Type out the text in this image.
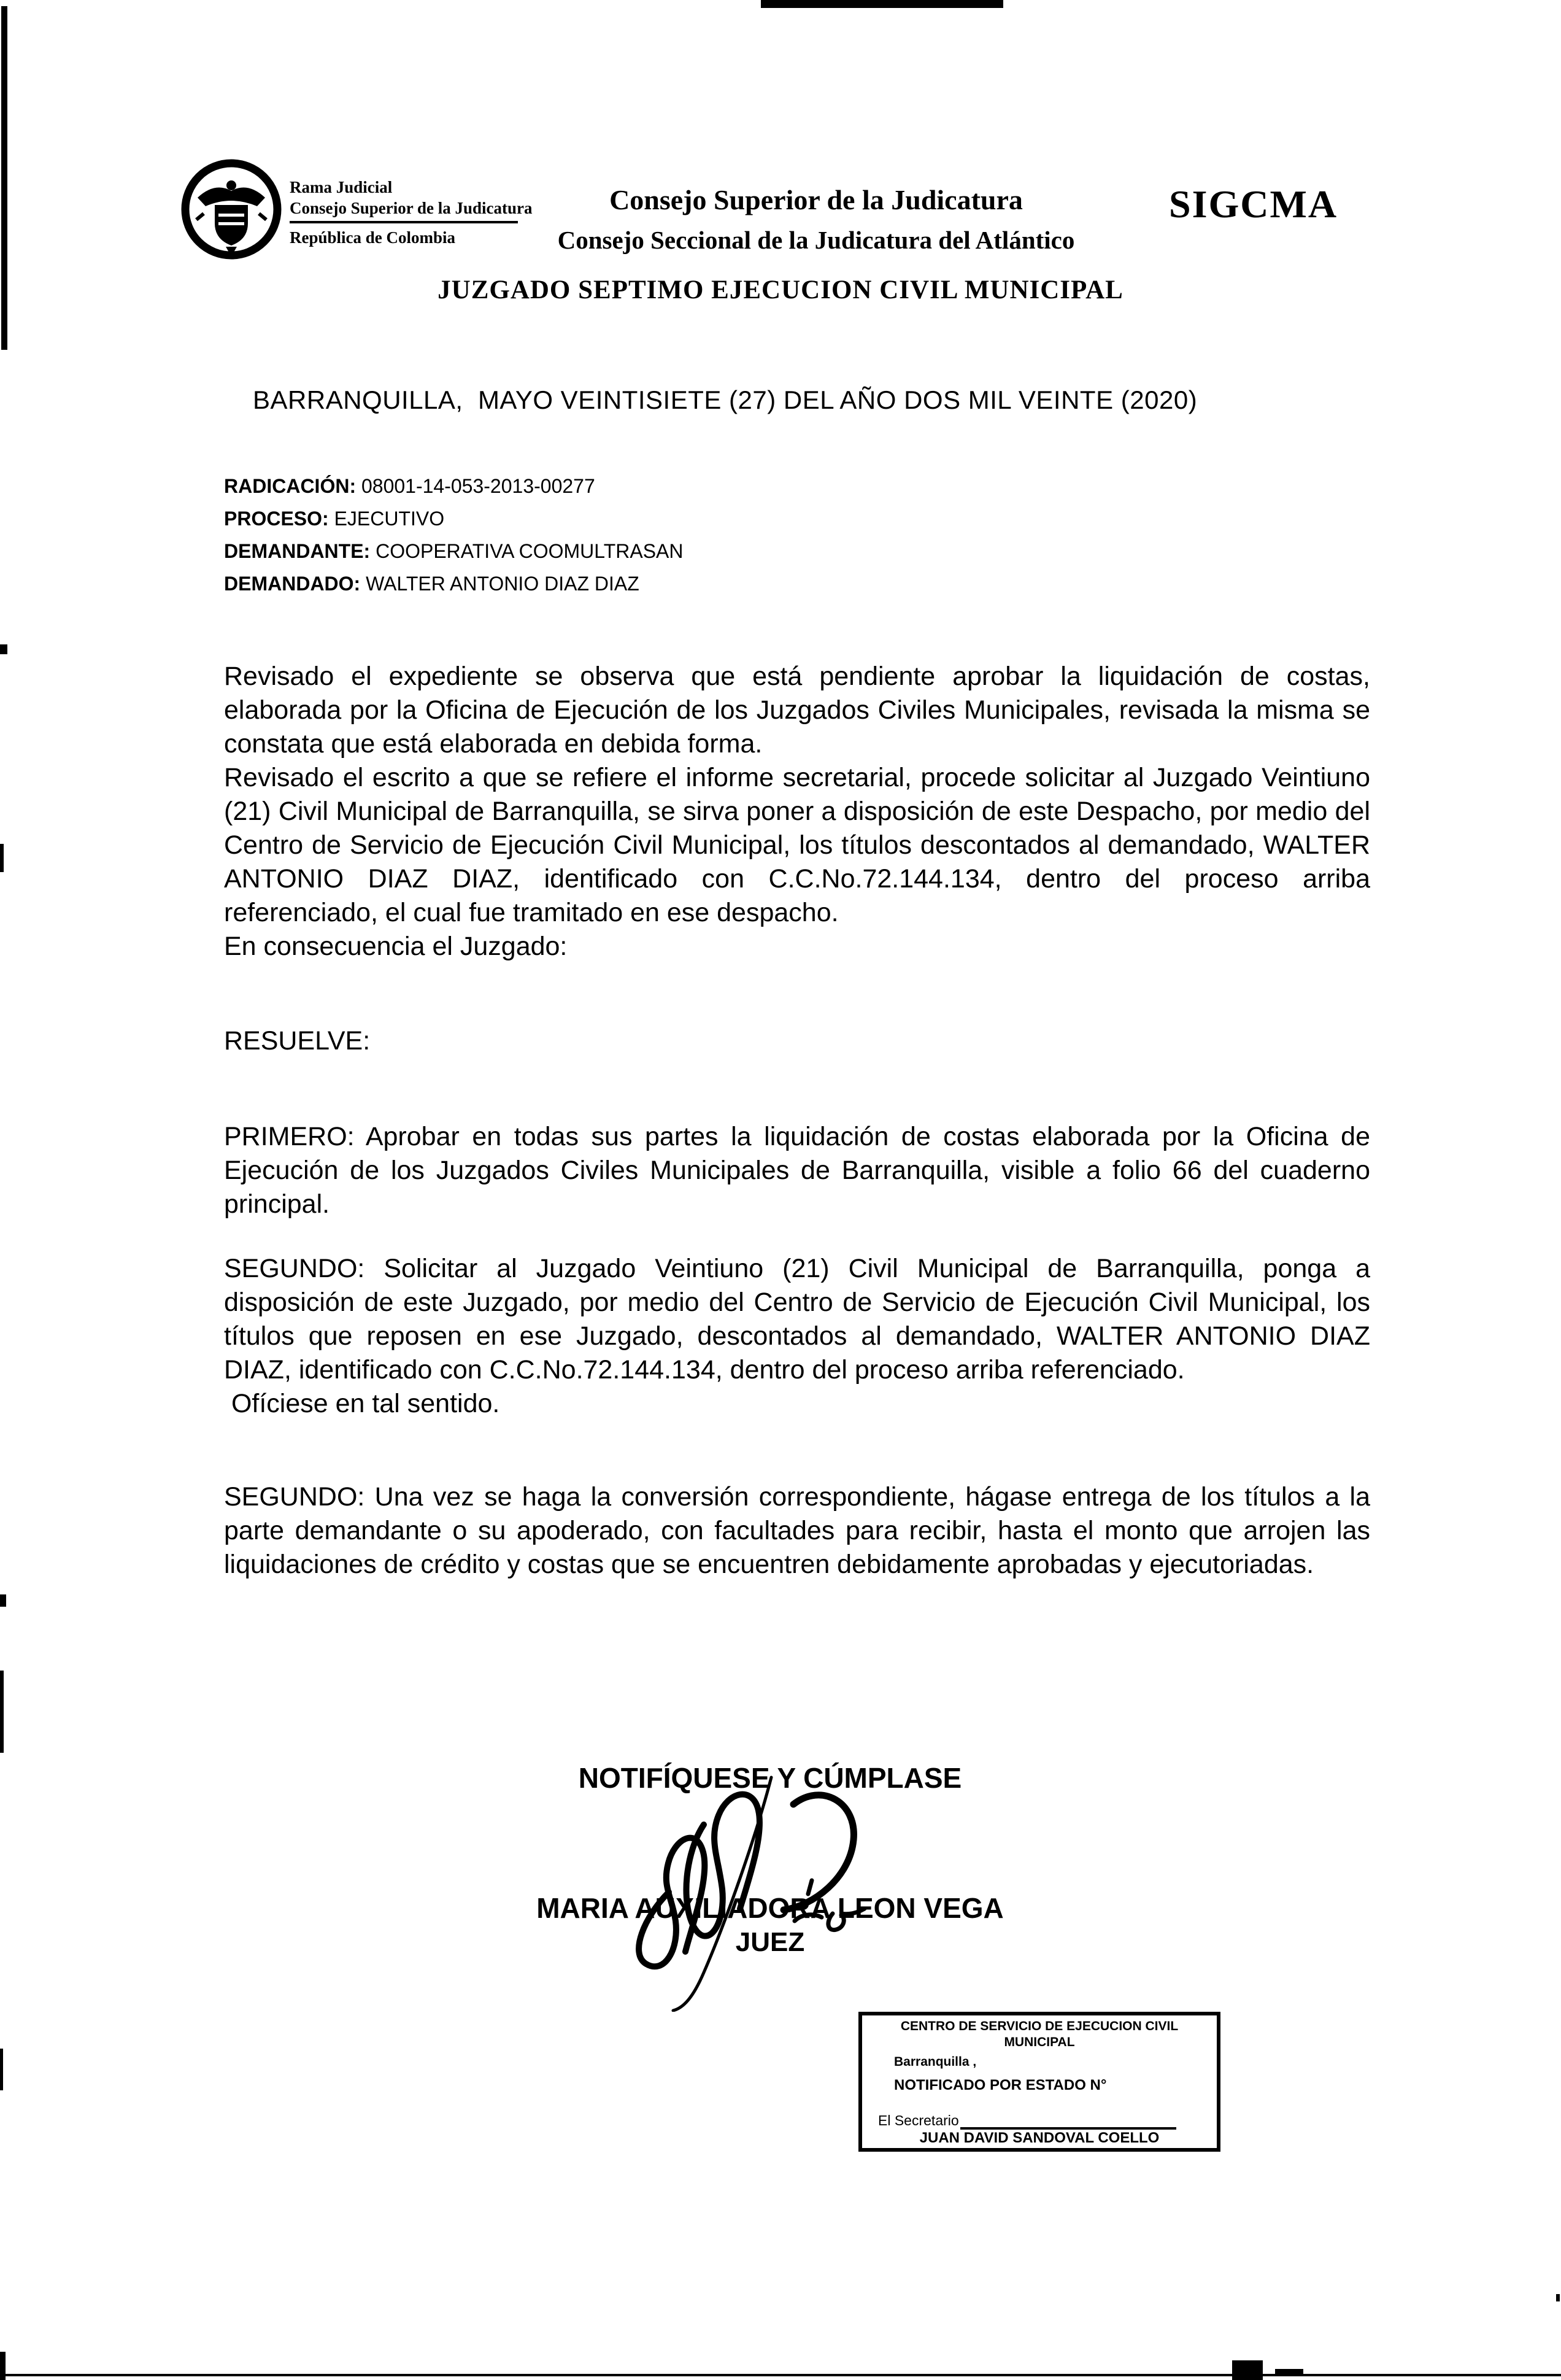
Rama Judicial
Consejo Superior de la Judicatura
República de Colombia
Consejo Superior de la Judicatura
Consejo Seccional de la Judicatura del Atlántico
SIGCMA
JUZGADO SEPTIMO EJECUCION CIVIL MUNICIPAL
BARRANQUILLA,  MAYO VEINTISIETE (27) DEL AÑO DOS MIL VEINTE (2020)
RADICACIÓN: 08001-14-053-2013-00277
PROCESO: EJECUTIVO
DEMANDANTE: COOPERATIVA COOMULTRASAN
DEMANDADO: WALTER ANTONIO DIAZ DIAZ

Revisado el expediente se observa que está pendiente aprobar la liquidación de costas, elaborada por la Oficina de Ejecución de los Juzgados Civiles Municipales, revisada la misma se constata que está elaborada en debida forma.

Revisado el escrito a que se refiere el informe secretarial, procede solicitar al Juzgado Veintiuno (21) Civil Municipal de Barranquilla, se sirva poner a disposición de este Despacho, por medio del Centro de Servicio de Ejecución Civil Municipal, los títulos descontados al demandado, WALTER ANTONIO DIAZ DIAZ, identificado con C.C.No.72.144.134, dentro del proceso arriba referenciado, el cual fue tramitado en ese despacho.

En consecuencia el Juzgado:

RESUELVE:

PRIMERO: Aprobar en todas sus partes la liquidación de costas elaborada por la Oficina de Ejecución de los Juzgados Civiles Municipales de Barranquilla, visible a folio 66 del cuaderno principal.

SEGUNDO: Solicitar al Juzgado Veintiuno (21) Civil Municipal de Barranquilla, ponga a disposición de este Juzgado, por medio del Centro de Servicio de Ejecución Civil Municipal, los títulos que reposen en ese Juzgado, descontados al demandado, WALTER ANTONIO DIAZ DIAZ, identificado con C.C.No.72.144.134, dentro del proceso arriba referenciado.

Ofíciese en tal sentido.

SEGUNDO: Una vez se haga la conversión correspondiente, hágase entrega de los títulos a la parte demandante o su apoderado, con facultades para recibir, hasta el monto que arrojen las liquidaciones de crédito y costas que se encuentren debidamente aprobadas y ejecutoriadas.

NOTIFÍQUESE Y CÚMPLASE
MARIA AUXILIADORA LEON VEGA
JUEZ
CENTRO DE SERVICIO DE EJECUCION CIVIL
MUNICIPAL
Barranquilla ,
NOTIFICADO POR ESTADO N°
El Secretario
JUAN DAVID SANDOVAL COELLO
